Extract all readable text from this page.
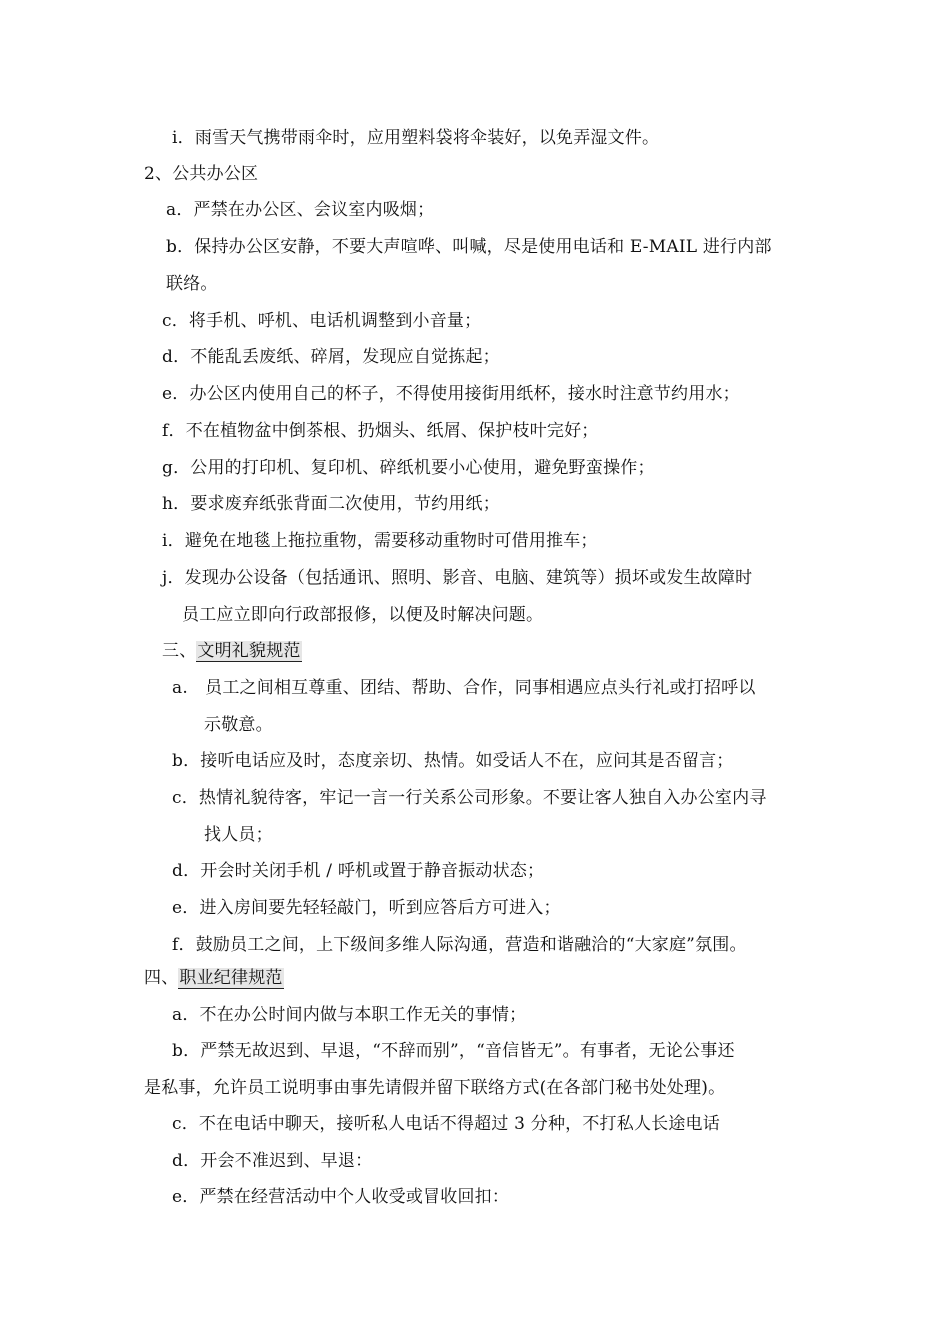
i．雨雪天气携带雨伞时，应用塑料袋将伞装好，以免弄湿文件。
2、公共办公区
a．严禁在办公区、会议室内吸烟；
b．保持办公区安静，不要大声喧哗、叫喊，尽是使用电话和 E-MAIL 进行内部
联络。
c．将手机、呼机、电话机调整到小音量；
d．不能乱丢废纸、碎屑，发现应自觉拣起；
e．办公区内使用自己的杯子，不得使用接街用纸杯，接水时注意节约用水；
f．不在植物盆中倒茶根、扔烟头、纸屑、保护枝叶完好；
g．公用的打印机、复印机、碎纸机要小心使用，避免野蛮操作；
h．要求废弃纸张背面二次使用，节约用纸；
i．避免在地毯上拖拉重物，需要移动重物时可借用推车；
j．发现办公设备（包括通讯、照明、影音、电脑、建筑等）损坏或发生故障时
员工应立即向行政部报修，以便及时解决问题。
三、文明礼貌规范
a.　员工之间相互尊重、团结、帮助、合作，同事相遇应点头行礼或打招呼以
示敬意。
b．接听电话应及时，态度亲切、热情。如受话人不在，应问其是否留言；
c．热情礼貌待客，牢记一言一行关系公司形象。不要让客人独自入办公室内寻
找人员；
d．开会时关闭手机 / 呼机或置于静音振动状态；
e．进入房间要先轻轻敲门，听到应答后方可进入；
f．鼓励员工之间，上下级间多维人际沟通，营造和谐融洽的“大家庭”氛围。
四、职业纪律规范
a．不在办公时间内做与本职工作无关的事情；
b．严禁无故迟到、早退，“不辞而别”，“音信皆无”。有事者，无论公事还
是私事，允许员工说明事由事先请假并留下联络方式(在各部门秘书处处理)。
c．不在电话中聊天，接听私人电话不得超过 3 分种，不打私人长途电话
d．开会不准迟到、早退：
e．严禁在经营活动中个人收受或冒收回扣：
